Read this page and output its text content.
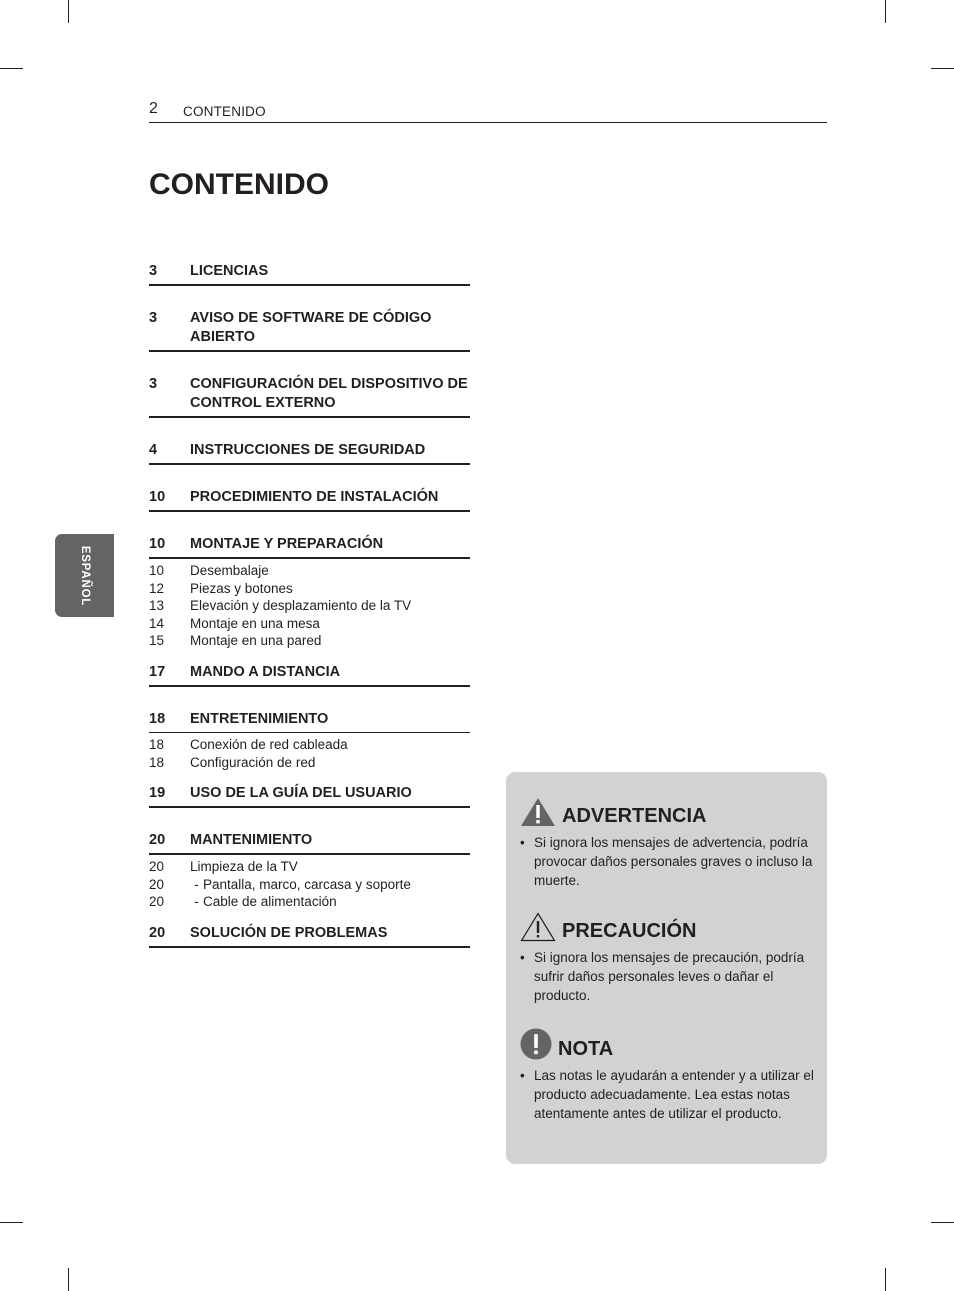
2 CONTENIDO
CONTENIDO
ESPAÑOL
3	LICENCIAS
3	AVISO DE SOFTWARE DE CÓDIGO ABIERTO
3	CONFIGURACIÓN DEL DISPOSITIVO DE CONTROL EXTERNO
4	INSTRUCCIONES DE SEGURIDAD
10	PROCEDIMIENTO DE INSTALACIÓN
10	MONTAJE Y PREPARACIÓN
10	Desembalaje
12	Piezas y botones
13	Elevación y desplazamiento de la TV
14	Montaje en una mesa
15	Montaje en una pared
17	MANDO A DISTANCIA
18	ENTRETENIMIENTO
18	Conexión de red cableada
18	Configuración de red
19	USO DE LA GUÍA DEL USUARIO
20	MANTENIMIENTO
20	Limpieza de la TV
20	- Pantalla, marco, carcasa y soporte
20	- Cable de alimentación
20	SOLUCIÓN DE PROBLEMAS
ADVERTENCIA
• Si ignora los mensajes de advertencia, podría provocar daños personales graves o incluso la muerte.
PRECAUCIÓN
• Si ignora los mensajes de precaución, podría sufrir daños personales leves o dañar el producto.
NOTA
• Las notas le ayudarán a entender y a utilizar el producto adecuadamente. Lea estas notas atentamente antes de utilizar el producto.
